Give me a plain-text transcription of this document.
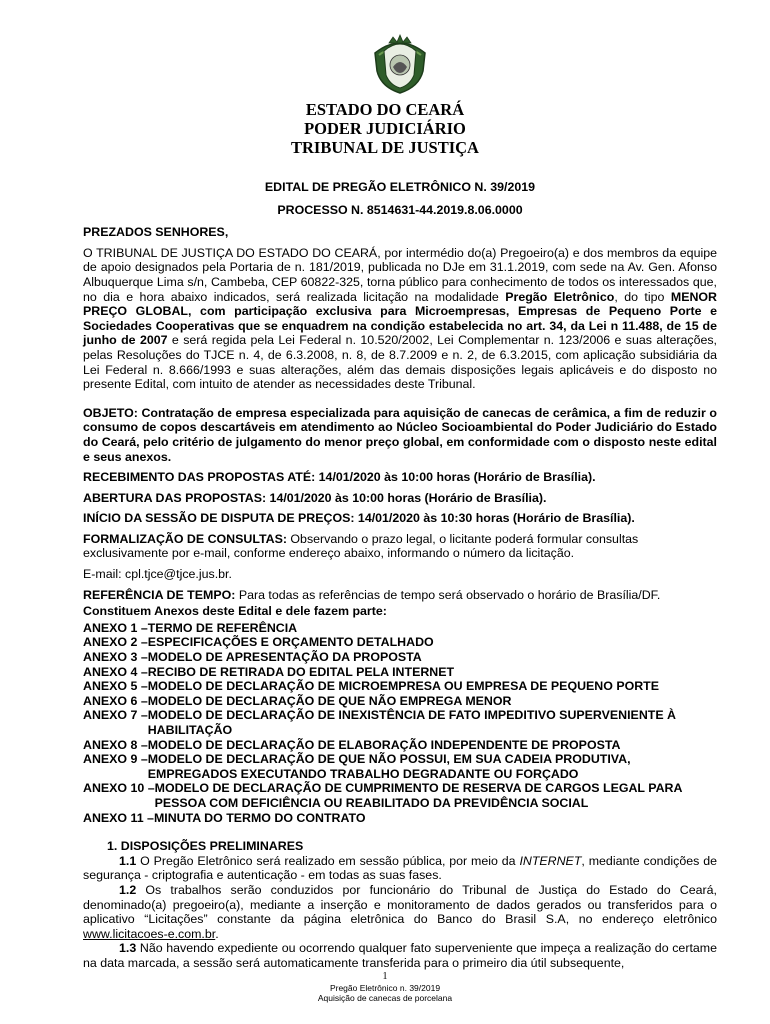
ESTADO DO CEARÁ
PODER JUDICIÁRIO
TRIBUNAL DE JUSTIÇA

EDITAL DE PREGÃO ELETRÔNICO N. 39/2019

PROCESSO N. 8514631-44.2019.8.06.0000

PREZADOS SENHORES,

O TRIBUNAL DE JUSTIÇA DO ESTADO DO CEARÁ, por intermédio do(a) Pregoeiro(a) e dos membros da equipe de apoio designados pela Portaria de n. 181/2019, publicada no DJe em 31.1.2019, com sede na Av. Gen. Afonso Albuquerque Lima s/n, Cambeba, CEP 60822-325, torna público para conhecimento de todos os interessados que, no dia e hora abaixo indicados, será realizada licitação na modalidade Pregão Eletrônico, do tipo MENOR PREÇO GLOBAL, com participação exclusiva para Microempresas, Empresas de Pequeno Porte e Sociedades Cooperativas que se enquadrem na condição estabelecida no art. 34, da Lei n 11.488, de 15 de junho de 2007 e será regida pela Lei Federal n. 10.520/2002, Lei Complementar n. 123/2006 e suas alterações, pelas Resoluções do TJCE n. 4, de 6.3.2008, n. 8, de 8.7.2009 e n. 2, de 6.3.2015, com aplicação subsidiária da Lei Federal n. 8.666/1993 e suas alterações, além das demais disposições legais aplicáveis e do disposto no presente Edital, com intuito de atender as necessidades deste Tribunal.

OBJETO: Contratação de empresa especializada para aquisição de canecas de cerâmica, a fim de reduzir o consumo de copos descartáveis em atendimento ao Núcleo Socioambiental do Poder Judiciário do Estado do Ceará, pelo critério de julgamento do menor preço global, em conformidade com o disposto neste edital e seus anexos.

RECEBIMENTO DAS PROPOSTAS ATÉ: 14/01/2020 às 10:00 horas (Horário de Brasília).

ABERTURA DAS PROPOSTAS: 14/01/2020 às 10:00 horas (Horário de Brasília).

INÍCIO DA SESSÃO DE DISPUTA DE PREÇOS: 14/01/2020 às 10:30 horas (Horário de Brasília).

FORMALIZAÇÃO DE CONSULTAS: Observando o prazo legal, o licitante poderá formular consultas exclusivamente por e-mail, conforme endereço abaixo, informando o número da licitação.

E-mail: cpl.tjce@tjce.jus.br.

REFERÊNCIA DE TEMPO: Para todas as referências de tempo será observado o horário de Brasília/DF.

Constituem Anexos deste Edital e dele fazem parte:

ANEXO 1 – TERMO DE REFERÊNCIA
ANEXO 2 – ESPECIFICAÇÕES E ORÇAMENTO DETALHADO
ANEXO 3 – MODELO DE APRESENTAÇÃO DA PROPOSTA
ANEXO 4 – RECIBO DE RETIRADA DO EDITAL PELA INTERNET
ANEXO 5 – MODELO DE DECLARAÇÃO DE MICROEMPRESA OU EMPRESA DE PEQUENO PORTE
ANEXO 6 – MODELO DE DECLARAÇÃO DE QUE NÃO EMPREGA MENOR
ANEXO 7 – MODELO DE DECLARAÇÃO DE INEXISTÊNCIA DE FATO IMPEDITIVO SUPERVENIENTE À HABILITAÇÃO
ANEXO 8 – MODELO DE DECLARAÇÃO DE ELABORAÇÃO INDEPENDENTE DE PROPOSTA
ANEXO 9 – MODELO DE DECLARAÇÃO DE QUE NÃO POSSUI, EM SUA CADEIA PRODUTIVA, EMPREGADOS EXECUTANDO TRABALHO DEGRADANTE OU FORÇADO
ANEXO 10 – MODELO DE DECLARAÇÃO DE CUMPRIMENTO DE RESERVA DE CARGOS LEGAL PARA PESSOA COM DEFICIÊNCIA OU REABILITADO DA PREVIDÊNCIA SOCIAL
ANEXO 11 – MINUTA DO TERMO DO CONTRATO

1. DISPOSIÇÕES PRELIMINARES

1.1 O Pregão Eletrônico será realizado em sessão pública, por meio da INTERNET, mediante condições de segurança - criptografia e autenticação - em todas as suas fases.

1.2 Os trabalhos serão conduzidos por funcionário do Tribunal de Justiça do Estado do Ceará, denominado(a) pregoeiro(a), mediante a inserção e monitoramento de dados gerados ou transferidos para o aplicativo “Licitações” constante da página eletrônica do Banco do Brasil S.A, no endereço eletrônico www.licitacoes-e.com.br.

1.3 Não havendo expediente ou ocorrendo qualquer fato superveniente que impeça a realização do certame na data marcada, a sessão será automaticamente transferida para o primeiro dia útil subsequente,

1
Pregão Eletrônico n. 39/2019
Aquisição de canecas de porcelana
